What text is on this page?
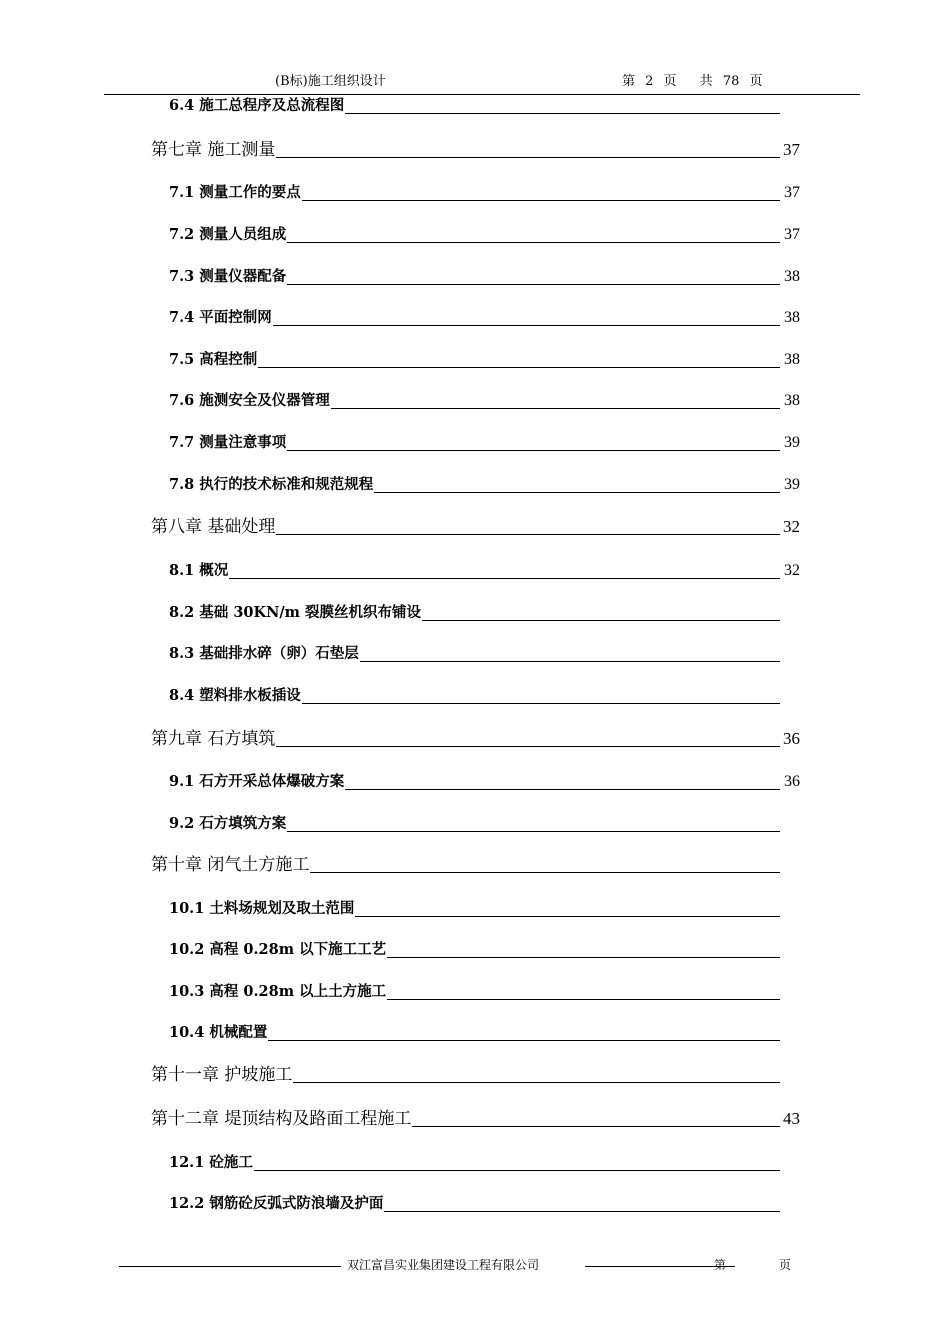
(B标)施工组织设计	第 2 页　 共 78 页
6.4 施工总程序及总流程图
第七章 施工测量	37
7.1 测量工作的要点	37
7.2 测量人员组成	37
7.3 测量仪器配备	38
7.4 平面控制网	38
7.5 高程控制	38
7.6 施测安全及仪器管理	38
7.7 测量注意事项	39
7.8 执行的技术标准和规范规程	39
第八章 基础处理	32
8.1 概况	32
8.2 基础 30KN/m 裂膜丝机织布铺设
8.3 基础排水碎（卵）石垫层
8.4 塑料排水板插设
第九章 石方填筑	36
9.1 石方开采总体爆破方案	36
9.2 石方填筑方案
第十章 闭气土方施工
10.1 土料场规划及取土范围
10.2 高程 0.28m 以下施工工艺
10.3 高程 0.28m 以上土方施工
10.4 机械配置
第十一章 护坡施工
第十二章 堤顶结构及路面工程施工	43
12.1 砼施工
12.2 钢筋砼反弧式防浪墙及护面
双江富昌实业集团建设工程有限公司	第	页
